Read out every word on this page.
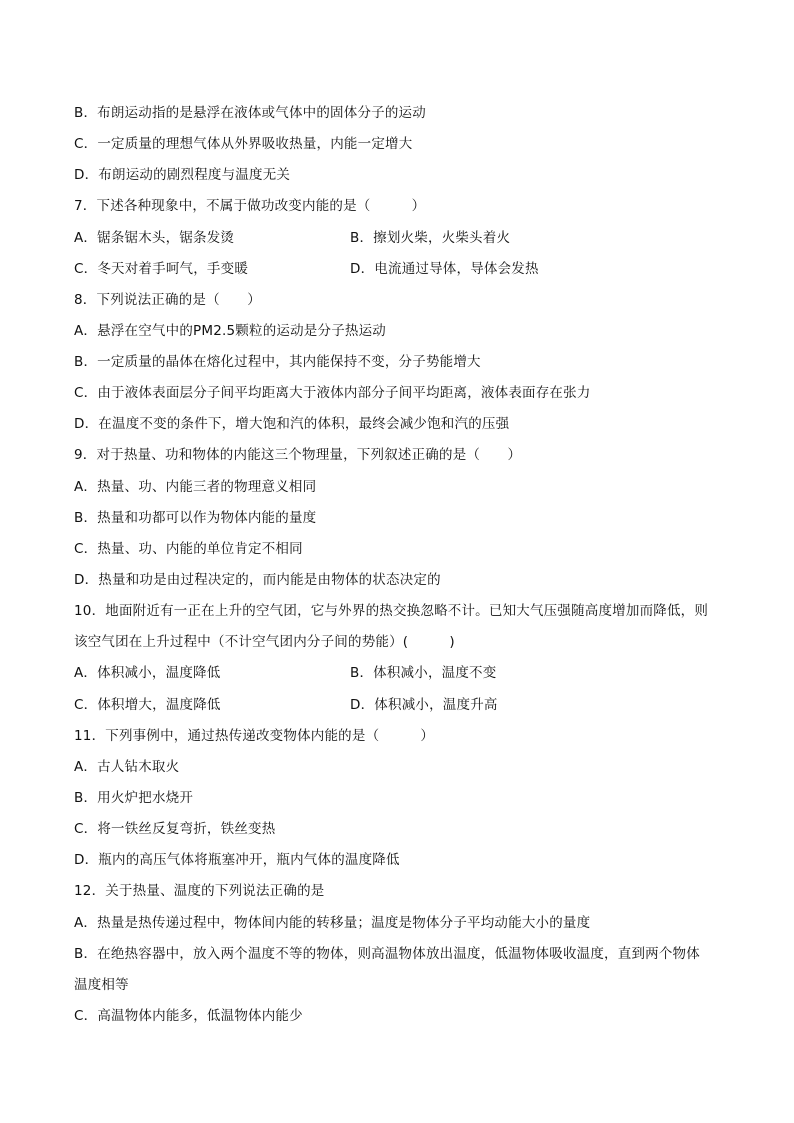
B．布朗运动指的是悬浮在液体或气体中的固体分子的运动
C．一定质量的理想气体从外界吸收热量，内能一定增大
D．布朗运动的剧烈程度与温度无关
7．下述各种现象中，不属于做功改变内能的是（　　　）
A．锯条锯木头，锯条发烫	B．擦划火柴，火柴头着火
C．冬天对着手呵气，手变暖	D．电流通过导体，导体会发热
8．下列说法正确的是（　　）
A．悬浮在空气中的PM2.5颗粒的运动是分子热运动
B．一定质量的晶体在熔化过程中，其内能保持不变，分子势能增大
C．由于液体表面层分子间平均距离大于液体内部分子间平均距离，液体表面存在张力
D．在温度不变的条件下，增大饱和汽的体积，最终会减少饱和汽的压强
9．对于热量、功和物体的内能这三个物理量，下列叙述正确的是（　　）
A．热量、功、内能三者的物理意义相同
B．热量和功都可以作为物体内能的量度
C．热量、功、内能的单位肯定不相同
D．热量和功是由过程决定的，而内能是由物体的状态决定的
10．地面附近有一正在上升的空气团，它与外界的热交换忽略不计。已知大气压强随高度增加而降低，则
该空气团在上升过程中（不计空气团内分子间的势能）(　　　)
A．体积减小，温度降低	B．体积减小，温度不变
C．体积增大，温度降低	D．体积减小，温度升高
11．下列事例中，通过热传递改变物体内能的是（　　　）
A．古人钻木取火
B．用火炉把水烧开
C．将一铁丝反复弯折，铁丝变热
D．瓶内的高压气体将瓶塞冲开，瓶内气体的温度降低
12．关于热量、温度的下列说法正确的是
A．热量是热传递过程中，物体间内能的转移量；温度是物体分子平均动能大小的量度
B．在绝热容器中，放入两个温度不等的物体，则高温物体放出温度，低温物体吸收温度，直到两个物体
温度相等
C．高温物体内能多，低温物体内能少
